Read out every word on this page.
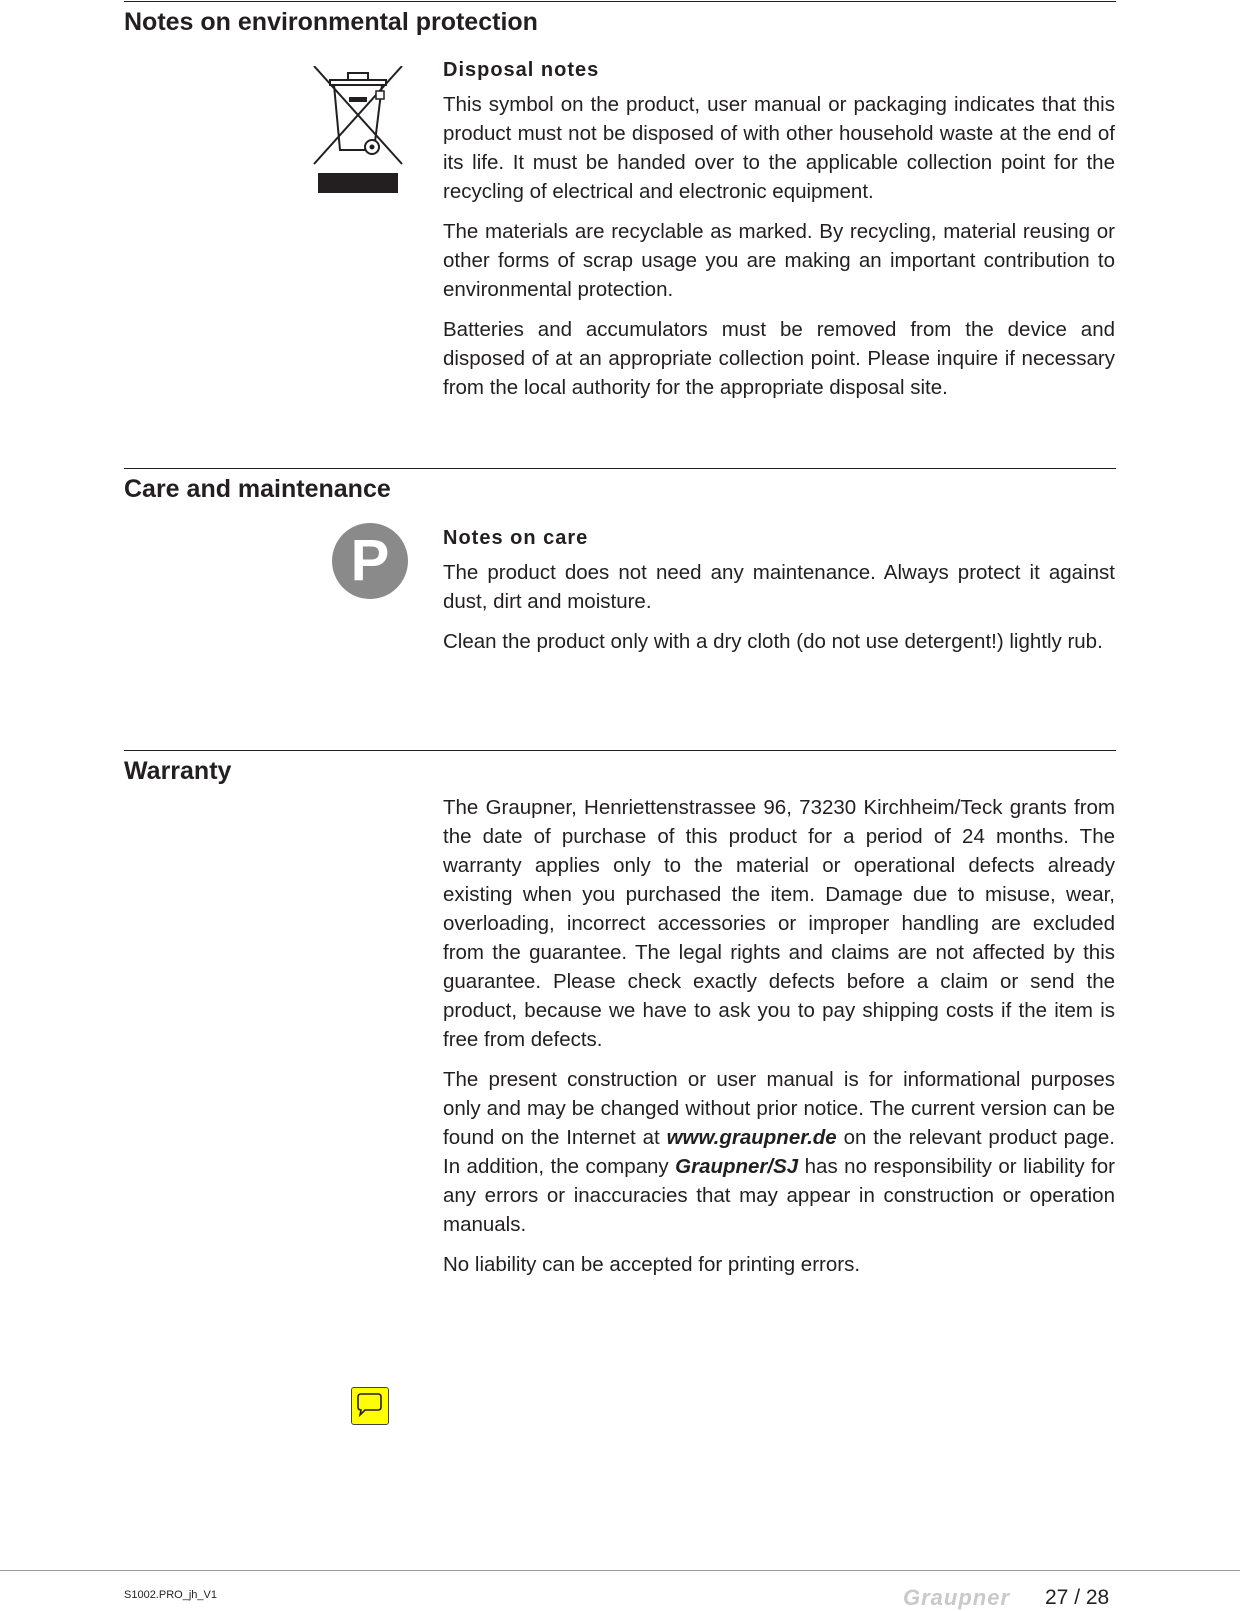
Notes on environmental protection
Disposal notes

This symbol on the product, user manual or packaging indicates that this product must not be disposed of with other household waste at the end of its life. It must be handed over to the applicable collection point for the recycling of electrical and electronic equipment.

The materials are recyclable as marked. By recycling, material reusing or other forms of scrap usage you are making an important contribution to environmental protection.

Batteries and accumulators must be removed from the device and disposed of at an appropriate collection point. Please inquire if necessary from the local authority for the appropriate disposal site.

Care and maintenance
P	Notes on care

The product does not need any maintenance. Always protect it against dust, dirt and moisture.

Clean the product only with a dry cloth (do not use detergent!) lightly rub.

Warranty

The Graupner, Henriettenstrassee 96, 73230 Kirchheim/Teck grants from the date of purchase of this product for a period of 24 months. The warranty applies only to the material or operational defects already existing when you purchased the item. Damage due to misuse, wear, overloading, incorrect accessories or improper handling are excluded from the guarantee. The legal rights and claims are not affected by this guarantee. Please check exactly defects before a claim or send the product, because we have to ask you to pay shipping costs if the item is free from defects.

The present construction or user manual is for informational purposes only and may be changed without prior notice. The current version can be found on the Internet at www.graupner.de on the relevant product page. In addition, the company Graupner/SJ has no responsibility or liability for any errors or inaccuracies that may appear in construction or operation manuals.

No liability can be accepted for printing errors.

S1002.PRO_jh_V1	Graupner 27 / 28
